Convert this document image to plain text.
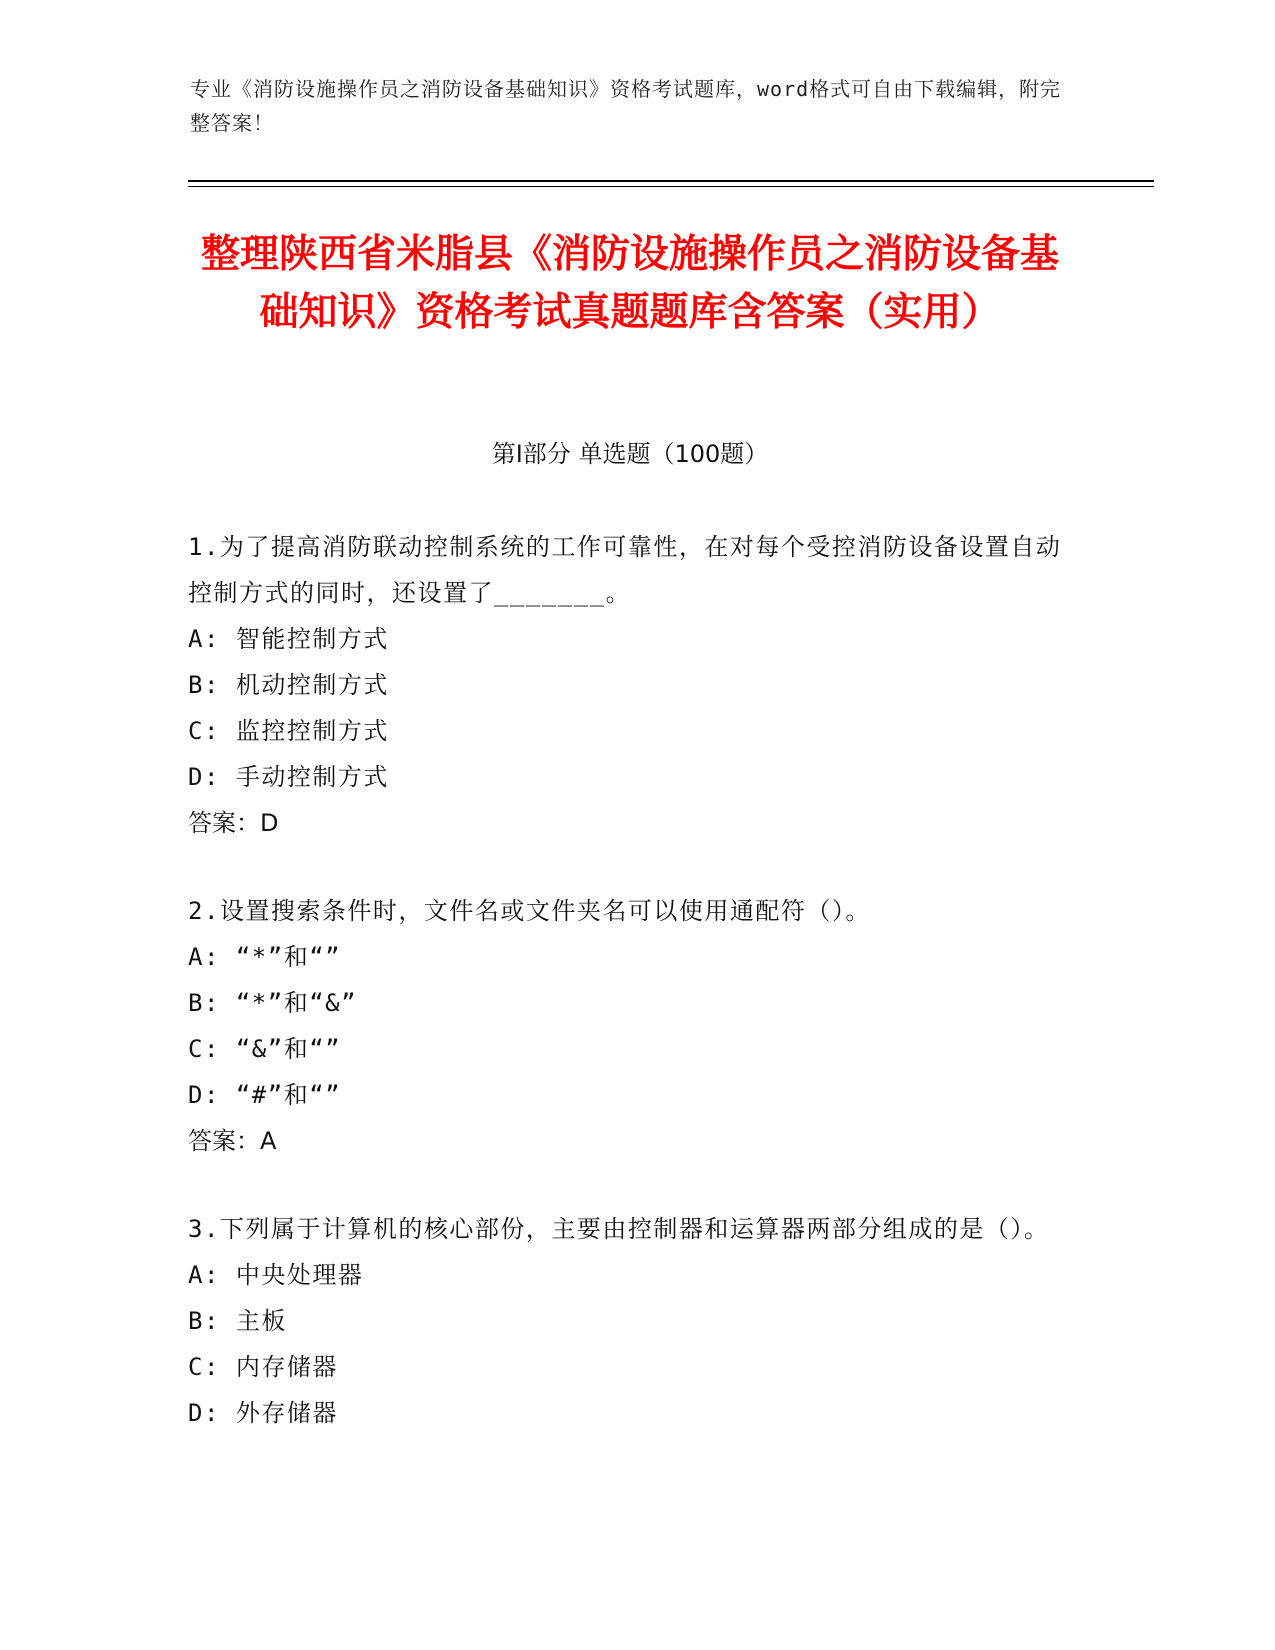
专业《消防设施操作员之消防设备基础知识》资格考试题库，word格式可自由下载编辑，附完整答案！
整理陕西省米脂县《消防设施操作员之消防设备基础知识》资格考试真题题库含答案（实用）
第I部分 单选题（100题）

1.为了提高消防联动控制系统的工作可靠性，在对每个受控消防设备设置自动控制方式的同时，还设置了_______。

A: 智能控制方式

B: 机动控制方式

C: 监控控制方式

D: 手动控制方式

答案：D

2.设置搜索条件时，文件名或文件夹名可以使用通配符（）。

A: “*”和“”

B: “*”和“&”

C: “&”和“”

D: “#”和“”

答案：A

3.下列属于计算机的核心部份，主要由控制器和运算器两部分组成的是（）。

A: 中央处理器

B: 主板

C: 内存储器

D: 外存储器
